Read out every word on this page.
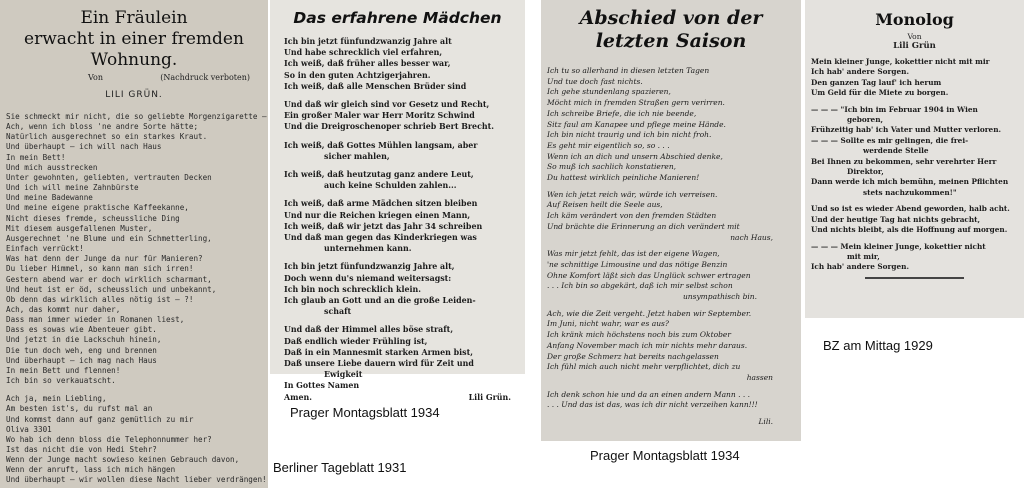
Ein Fräulein
erwacht in einer fremden Wohnung.
Von	(Nachdruck verboten)
LILI GRÜN.
Sie schmeckt mir nicht, die so geliebte Morgenzigarette –
Ach, wenn ich bloss 'ne andre Sorte hätte;
Natürlich ausgerechnet so ein starkes Kraut.
Und überhaupt – ich will nach Haus
In mein Bett!
Und mich ausstrecken
Unter gewohnten, geliebten, vertrauten Decken
Und ich will meine Zahnbürste
Und meine Badewanne
Und meine eigene praktische Kaffeekanne,
Nicht dieses fremde, scheussliche Ding
Mit diesem ausgefallenen Muster,
Ausgerechnet 'ne Blume und ein Schmetterling,
Einfach verrückt!
Was hat denn der Junge da nur für Manieren?
Du lieber Himmel, so kann man sich irren!
Gestern abend war er doch wirklich scharmant,
Und heut ist er öd, scheusslich und unbekannt,
Ob denn das wirklich alles nötig ist – ?!
Ach, das kommt nur daher,
Dass man immer wieder in Romanen liest,
Dass es sowas wie Abenteuer gibt.
Und jetzt in die Lackschuh hinein,
Die tun doch weh, eng und brennen
Und überhaupt – ich mag nach Haus
In mein Bett und flennen!
Ich bin so verkauatscht.
Ach ja, mein Liebling,
Am besten ist's, du rufst mal an
Und kommst dann auf ganz gemütlich zu mir
Oliva 3301
Wo hab ich denn bloss die Telephonnummer her?
Ist das nicht die von Hedi Stehr?
Wenn der Junge macht sowieso keinen Gebrauch davon,
Wenn der anruft, lass ich mich hängen
Und überhaupt – wir wollen diese Nacht lieber verdrängen!
Das erfahrene Mädchen
Ich bin jetzt fünfundzwanzig Jahre alt
Und habe schrecklich viel erfahren,
Ich weiß, daß früher alles besser war,
So in den guten Achtzigerjahren.
Ich weiß, daß alle Menschen Brüder sind
Und daß wir gleich sind vor Gesetz und Recht,
Ein großer Maler war Herr Moritz Schwind
Und die Dreigroschenoper schrieb Bert Brecht.
Ich weiß, daß Gottes Mühlen langsam, aber
sicher mahlen,
Ich weiß, daß heutzutag ganz andere Leut,
auch keine Schulden zahlen...
Ich weiß, daß arme Mädchen sitzen bleiben
Und nur die Reichen kriegen einen Mann,
Ich weiß, daß wir jetzt das Jahr 34 schreiben
Und daß man gegen das Kinderkriegen was
unternehmen kann.
Ich bin jetzt fünfundzwanzig Jahre alt,
Doch wenn du's niemand weitersagst:
Ich bin noch schrecklich klein.
Ich glaub an Gott und an die große Leiden-
schaft
Und daß der Himmel alles böse straft,
Daß endlich wieder Frühling ist,
Daß in ein Mannesmit starken Armen bist,
Daß unsere Liebe dauern wird für Zeit und
Ewigkeit
In Gottes Namen
Amen.	Lili Grün.
Abschied von der
letzten Saison
Ich tu so allerhand in diesen letzten Tagen
Und tue doch fast nichts.
Ich gehe stundenlang spazieren,
Möcht mich in fremden Straßen gern verirren.
Ich schreibe Briefe, die ich nie beende,
Sitz faul am Kanapee und pflege meine Hände.
Ich bin nicht traurig und ich bin nicht froh.
Es geht mir eigentlich so, so . . .
Wenn ich an dich und unsern Abschied denke,
So muß ich sachlich konstatieren,
Du hattest wirklich peinliche Manieren!
Wen ich jetzt reich wär, würde ich verreisen.
Auf Reisen heilt die Seele aus,
Ich käm verändert von den fremden Städten
Und brächte die Erinnerung an dich verändert mit
nach Haus,
Was mir jetzt fehlt, das ist der eigene Wagen,
'ne schnittige Limousine und das nötige Benzin
Ohne Komfort läßt sich das Unglück schwer ertragen
. . . Ich bin so abgekärt, daß ich mir selbst schon
unsympathisch bin.
Ach, wie die Zeit vergeht. Jetzt haben wir September.
Im Juni, nicht wahr, war es aus?
Ich kränk mich höchstens noch bis zum Oktober
Anfang November mach ich mir nichts mehr daraus.
Der große Schmerz hat bereits nachgelassen
Ich fühl mich auch nicht mehr verpflichtet, dich zu
hassen
Ich denk schon hie und da an einen andern Mann . . .
. . . Und das ist das, was ich dir nicht verzeihen kann!!!
Lili.
Monolog
Von
Lili Grün
Mein kleiner Junge, kokettier nicht mit mir
Ich hab' andere Sorgen.
Den ganzen Tag lauf' ich herum
Um Geld für die Miete zu borgen.
— — — "Ich bin im Februar 1904 in Wien
geboren,
Frühzeitig hab' ich Vater und Mutter verloren.
— — — Sollte es mir gelingen, die frei-
werdende Stelle
Bei Ihnen zu bekommen, sehr verehrter Herr
Direktor,
Dann werde ich mich bemühn, meinen Pflichten
stets nachzukommen!"
Und so ist es wieder Abend geworden, halb acht.
Und der heutige Tag hat nichts gebracht,
Und nichts bleibt, als die Hoffnung auf morgen.
— — — Mein kleiner Junge, kokettier nicht
mit mir,
Ich hab' andere Sorgen.
Berliner Tageblatt 1931
Prager Montagsblatt 1934
Prager Montagsblatt 1934
BZ am Mittag 1929
